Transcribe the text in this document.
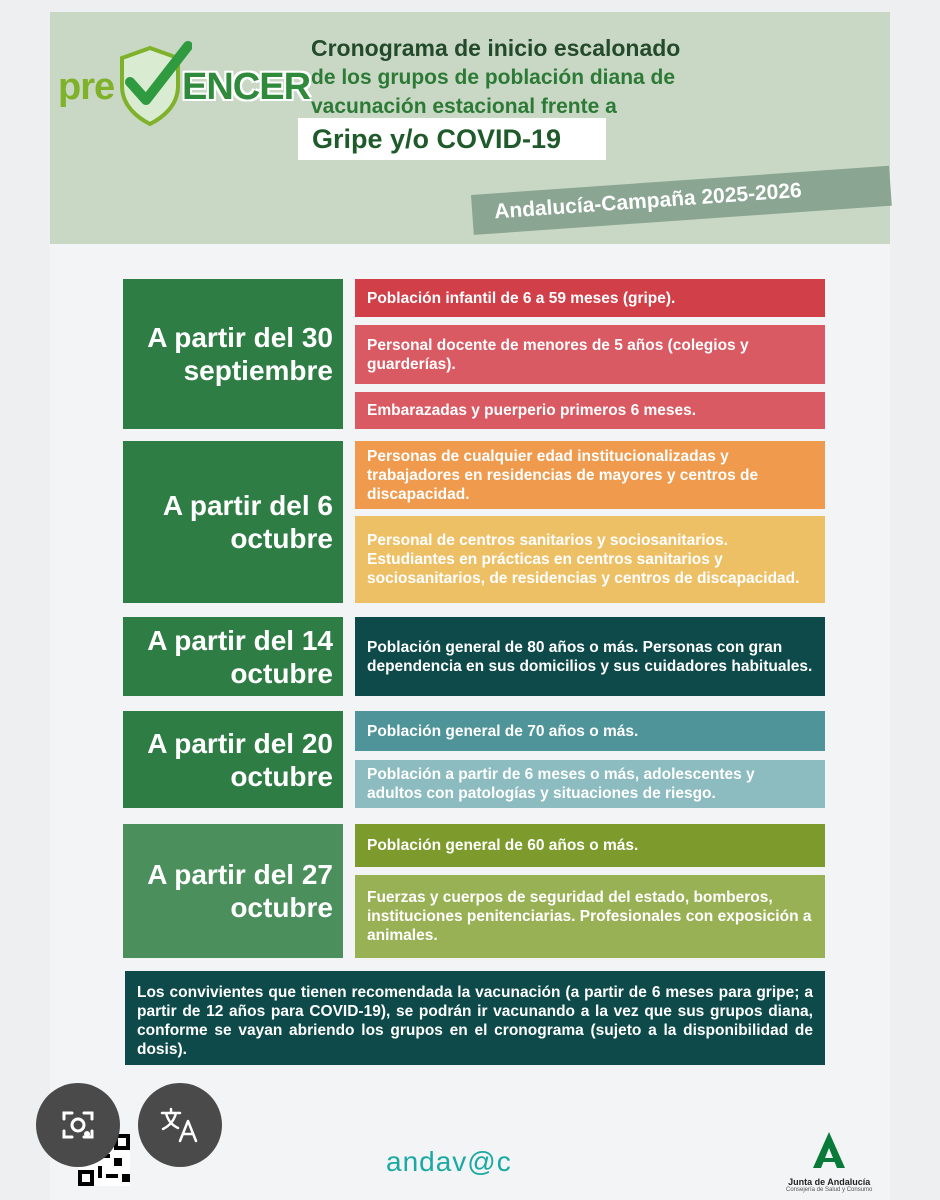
pre ENCER
Cronograma de inicio escalonado
de los grupos de población diana de
vacunación estacional frente a
Gripe y/o COVID-19
Andalucía-Campaña 2025-2026
A partir del 30 septiembre
A partir del 6 octubre
A partir del 14 octubre
A partir del 20 octubre
A partir del 27 octubre
Población infantil de 6 a 59 meses (gripe).
Personal docente de menores de 5 años (colegios y guarderías).
Embarazadas y puerperio primeros 6 meses.
Personas de cualquier edad institucionalizadas y trabajadores en residencias de mayores y centros de discapacidad.
Personal de centros sanitarios y sociosanitarios. Estudiantes en prácticas en centros sanitarios y sociosanitarios, de residencias y centros de discapacidad.
Población general de 80 años o más. Personas con gran dependencia en sus domicilios y sus cuidadores habituales.
Población general de 70 años o más.
Población a partir de 6 meses o más, adolescentes y adultos con patologías y situaciones de riesgo.
Población general de 60 años o más.
Fuerzas y cuerpos de seguridad del estado, bomberos, instituciones penitenciarias. Profesionales con exposición a animales.
Los convivientes que tienen recomendada la vacunación (a partir de 6 meses para gripe; a partir de 12 años para COVID-19), se podrán ir vacunando a la vez que sus grupos diana, conforme se vayan abriendo los grupos en el cronograma (sujeto a la disponibilidad de dosis).
andav@c
Junta de Andalucía
Consejería de Salud y Consumo
